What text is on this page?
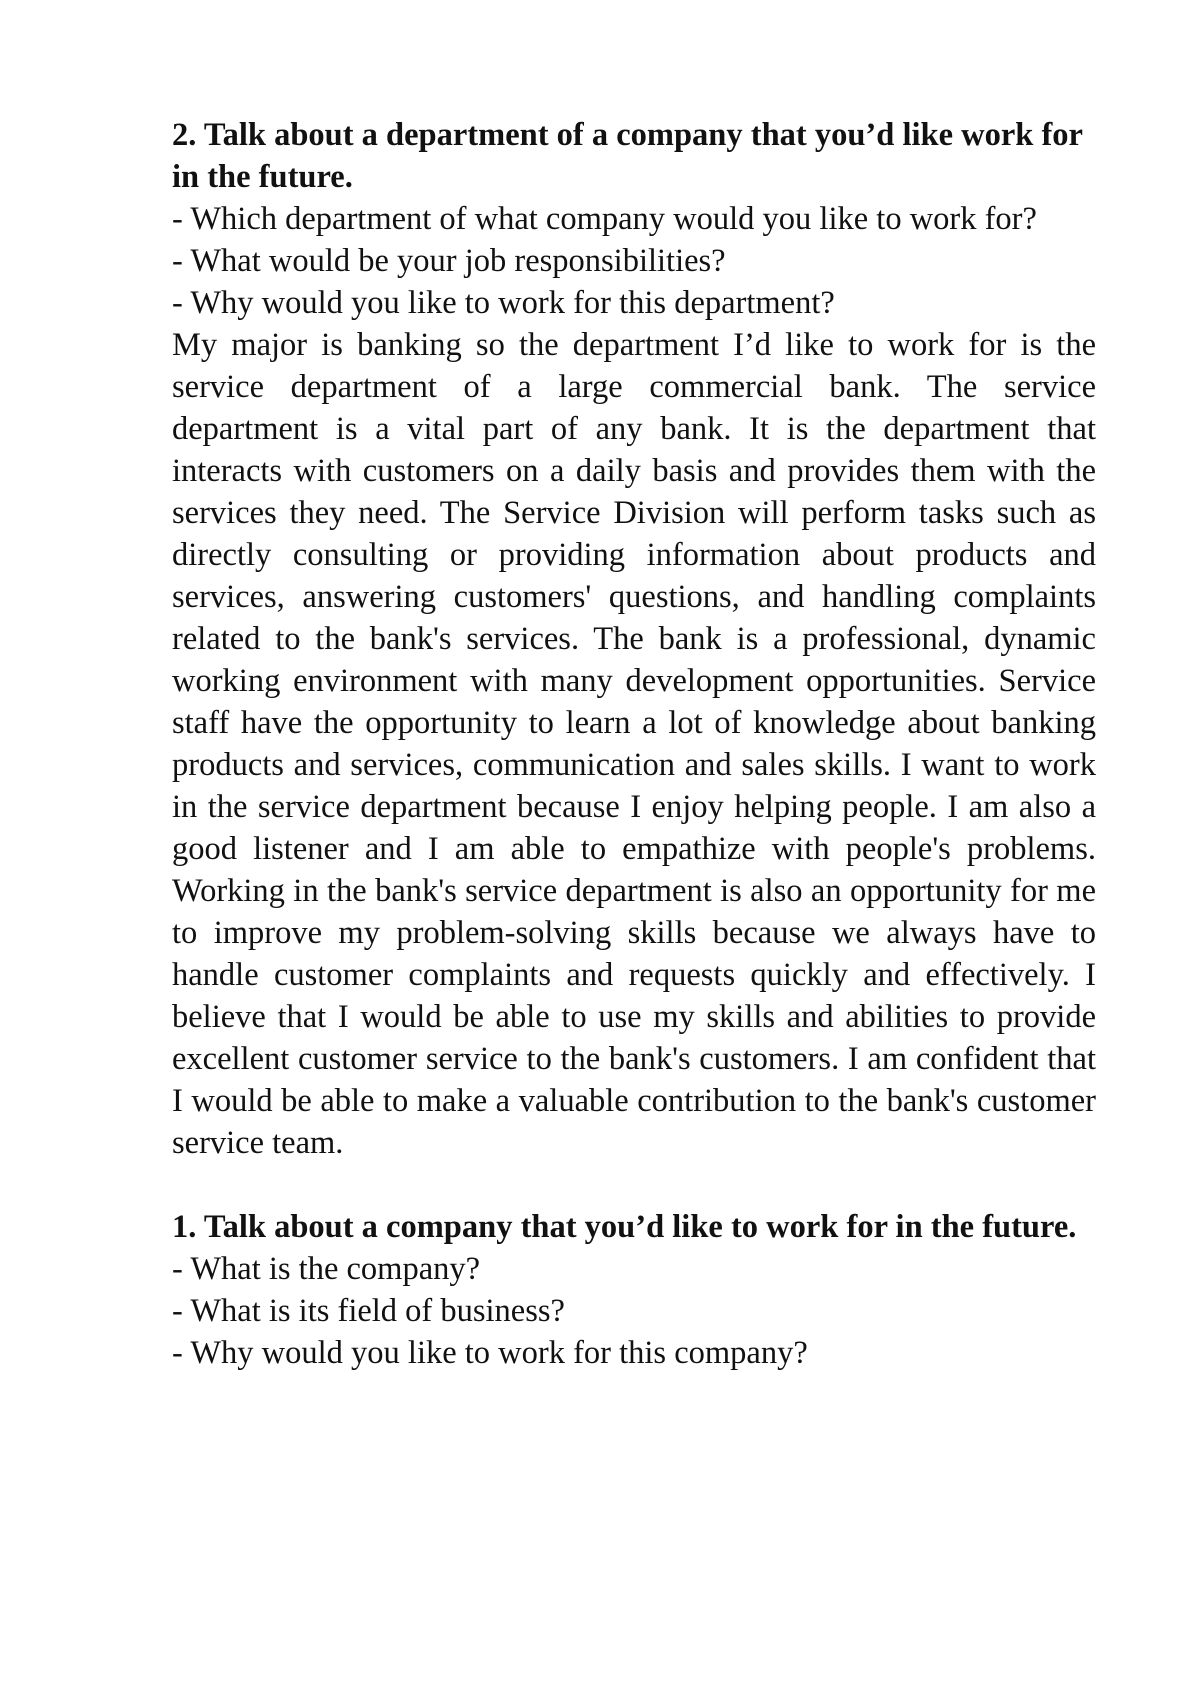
2. Talk about a department of a company that you’d like work for in the future.

- Which department of what company would you like to work for?
- What would be your job responsibilities?
- Why would you like to work for this department?

My major is banking so the department I’d like to work for is the service department of a large commercial bank. The service department is a vital part of any bank. It is the department that interacts with customers on a daily basis and provides them with the services they need. The Service Division will perform tasks such as directly consulting or providing information about products and services, answering customers' questions, and handling complaints related to the bank's services. The bank is a professional, dynamic working environment with many development opportunities. Service staff have the opportunity to learn a lot of knowledge about banking products and services, communication and sales skills. I want to work in the service department because I enjoy helping people. I am also a good listener and I am able to empathize with people's problems. Working in the bank's service department is also an opportunity for me to improve my problem-solving skills because we always have to handle customer complaints and requests quickly and effectively. I believe that I would be able to use my skills and abilities to provide excellent customer service to the bank's customers. I am confident that I would be able to make a valuable contribution to the bank's customer service team.

1. Talk about a company that you’d like to work for in the future.

- What is the company?
- What is its field of business?
- Why would you like to work for this company?
